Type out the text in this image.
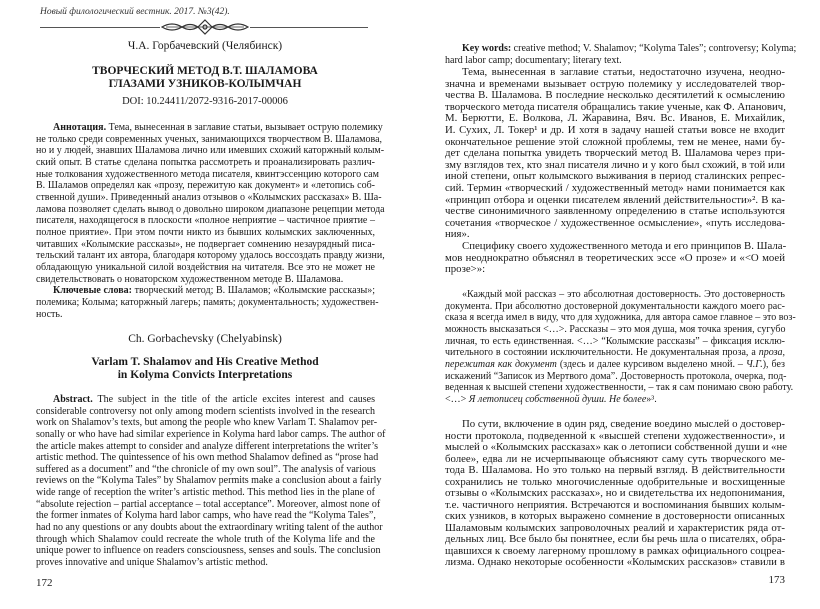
Новый филологический вестник. 2017. №3(42).
Ч.А. Горбачевский (Челябинск)
ТВОРЧЕСКИЙ МЕТОД В.Т. ШАЛАМОВА
ГЛАЗАМИ УЗНИКОВ-КОЛЫМЧАН
DOI: 10.24411/2072-9316-2017-00006
Аннотация. Тема, вынесенная в заглавие статьи, вызывает острую полемику
не только среди современных ученых, занимающихся творчеством В. Шаламова,
но и у людей, знавших Шаламова лично или имевших схожий каторжный колым-
ский опыт. В статье сделана попытка рассмотреть и проанализировать различ-
ные толкования художественного метода писателя, квинтэссенцию которого сам
В. Шаламов определял как «прозу, пережитую как документ» и «летопись соб-
ственной души». Приведенный анализ отзывов о «Колымских рассказах» В. Ша-
ламова позволяет сделать вывод о довольно широком диапазоне рецепции метода
писателя, находящегося в плоскости «полное неприятие – частичное приятие –
полное приятие». При этом почти никто из бывших колымских заключенных,
читавших «Колымские рассказы», не подвергает сомнению незаурядный писа-
тельский талант их автора, благодаря которому удалось воссоздать правду жизни,
обладающую уникальной силой воздействия на читателя. Все это не может не
свидетельствовать о новаторском художественном методе В. Шаламова.
Ключевые слова: творческий метод; В. Шаламов; «Колымские рассказы»;
полемика; Колыма; каторжный лагерь; память; документальность; художествен-
ность.
Ch. Gorbachevsky (Chelyabinsk)
Varlam T. Shalamov and His Creative Method
in Kolyma Convicts Interpretations
Abstract. The subject in the title of the article excites interest and causes
considerable controversy not only among modern scientists involved in the research
work on Shalamov’s texts, but among the people who knew Varlam T. Shalamov per-
sonally or who have had similar experience in Kolyma hard labor camps. The author of
the article makes attempt to consider and analyze different interpretations the writer’s
artistic method. The quintessence of his own method Shalamov defined as “prose had
suffered as a document” and “the chronicle of my own soul”. The analysis of various
reviews on the “Kolyma Tales” by Shalamov permits make a conclusion about a fairly
wide range of reception the writer’s artistic method. This method lies in the plane of
“absolute rejection – partial acceptance – total acceptance”. Moreover, almost none of
the former inmates of Kolyma hard labor camps, who have read the “Kolyma Tales”,
had no any questions or any doubts about the extraordinary writing talent of the author
through which Shalamov could recreate the whole truth of the Kolyma life and the
unique power to influence on readers consciousness, senses and souls. The conclusion
proves innovative and unique Shalamov’s artistic method.
172
Key words: creative method; V. Shalamov; “Kolyma Tales”; controversy; Kolyma;
hard labor camp; documentary; literary text.
Тема, вынесенная в заглавие статьи, недостаточно изучена, неодно-
значна и временами вызывает острую полемику у исследователей твор-
чества В. Шаламова. В последние несколько десятилетий к осмыслению
творческого метода писателя обращались такие ученые, как Ф. Апанович,
М. Берютти, Е. Волкова, Л. Жаравина, Вяч. Вс. Иванов, Е. Михайлик,
И. Сухих, Л. Токер¹ и др. И хотя в задачу нашей статьи вовсе не входит
окончательное решение этой сложной проблемы, тем не менее, нами бу-
дет сделана попытка увидеть творческий метод В. Шаламова через при-
зму взглядов тех, кто знал писателя лично и у кого был схожий, в той или
иной степени, опыт колымского выживания в период сталинских репрес-
сий. Термин «творческий / художественный метод» нами понимается как
«принцип отбора и оценки писателем явлений действительности»². В ка-
честве синонимичного заявленному определению в статье используются
сочетания «творческое / художественное осмысление», «путь исследова-
ния».
Специфику своего художественного метода и его принципов В. Шала-
мов неоднократно объяснял в теоретических эссе «О прозе» и «<О моей
прозе>»:
«Каждый мой рассказ – это абсолютная достоверность. Это достоверность
документа. При абсолютно достоверной документальности каждого моего рас-
сказа я всегда имел в виду, что для художника, для автора самое главное – это воз-
можность высказаться <…>. Рассказы – это моя душа, моя точка зрения, сугубо
личная, то есть единственная. <…> “Колымские рассказы” – фиксация исклю-
чительного в состоянии исключительности. Не документальная проза, а проза,
пережитая как документ (здесь и далее курсивом выделено мной. – Ч.Г.), без
искажений “Записок из Мертвого дома”. Достоверность протокола, очерка, под-
веденная к высшей степени художественности, – так я сам понимаю свою работу.
<…> Я летописец собственной души. Не более»³.
По сути, включение в один ряд, сведение воедино мыслей о достовер-
ности протокола, подведенной к «высшей степени художественности», и
мыслей о «Колымских рассказах» как о летописи собственной души и «не
более», едва ли не исчерпывающе объясняют саму суть творческого ме-
тода В. Шаламова. Но это только на первый взгляд. В действительности
сохранились не только многочисленные одобрительные и восхищенные
отзывы о «Колымских рассказах», но и свидетельства их недопонимания,
т.е. частичного неприятия. Встречаются и воспоминания бывших колым-
ских узников, в которых выражено сомнение в достоверности описанных
Шаламовым колымских запроволочных реалий и характеристик ряда от-
дельных лиц. Все было бы понятнее, если бы речь шла о писателях, обра-
щавшихся к своему лагерному прошлому в рамках официального соцреа-
лизма. Однако некоторые особенности «Колымских рассказов» ставили в
173
